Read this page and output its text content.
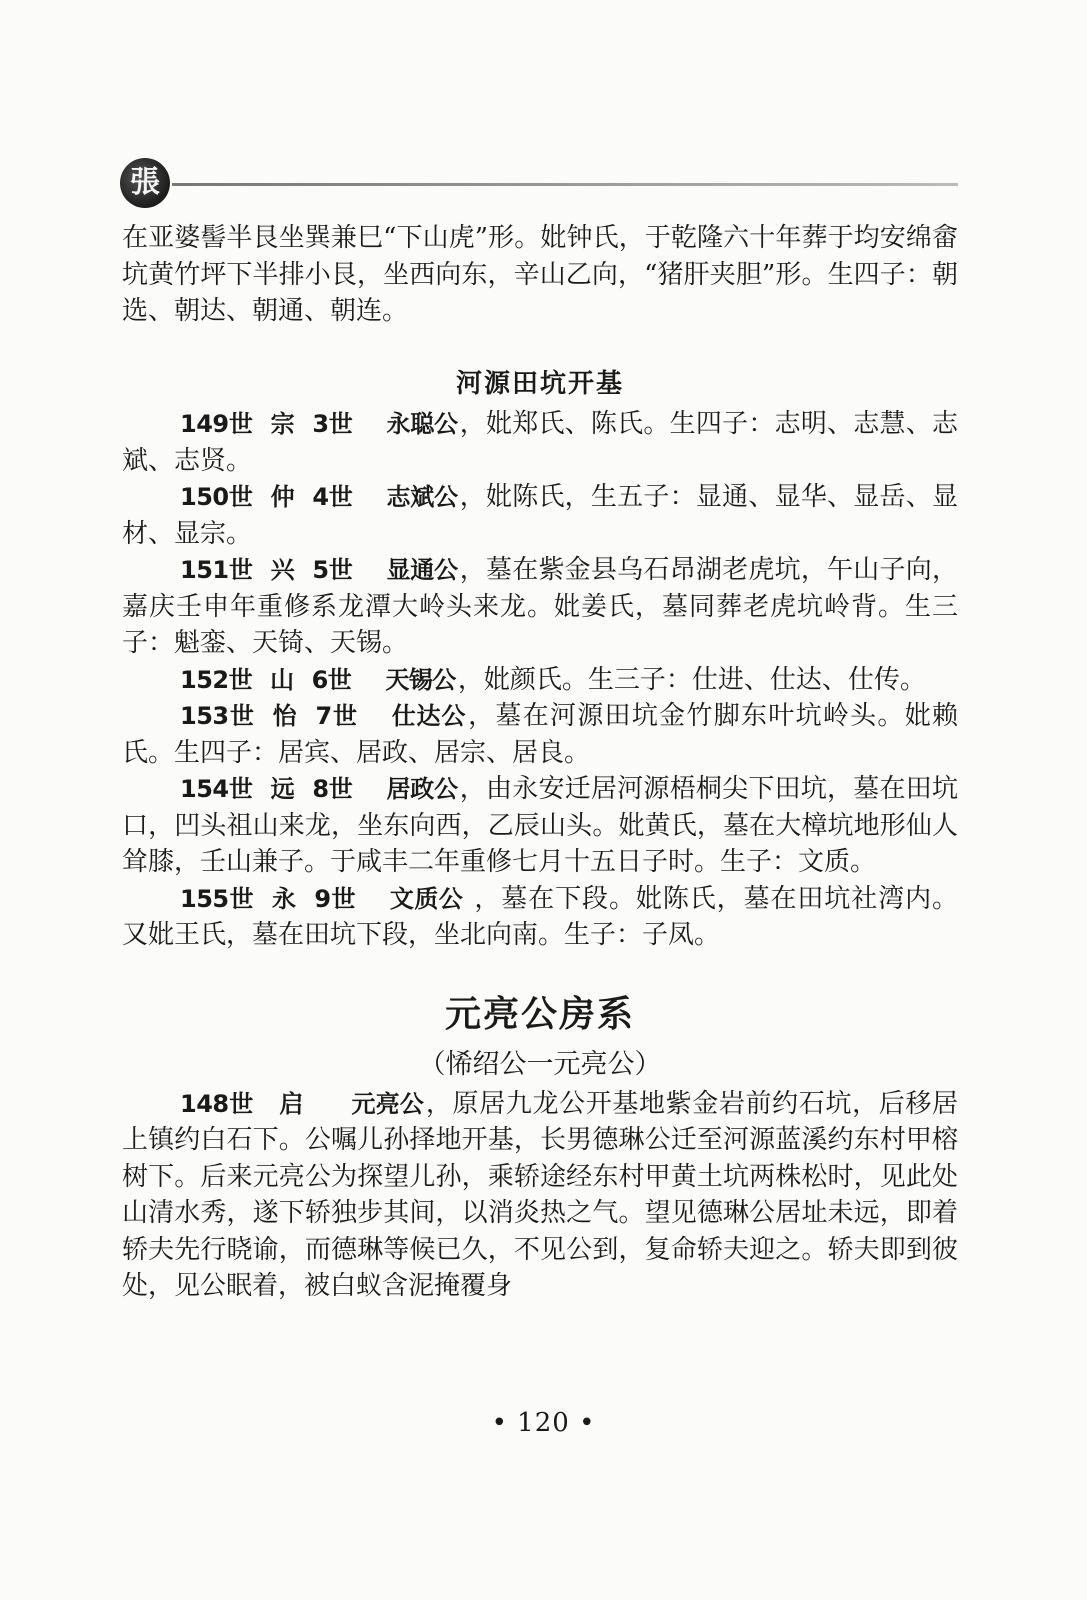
張

在亚婆髻半艮坐巽兼巳“下山虎”形。妣钟氏，于乾隆六十年葬于均安绵畲坑黄竹坪下半排小艮，坐西向东，辛山乙向，“猪肝夹胆”形。生四子：朝选、朝达、朝通、朝连。

河源田坑开基

149世 宗 3世 永聪公，妣郑氏、陈氏。生四子：志明、志慧、志斌、志贤。

150世 仲 4世 志斌公，妣陈氏，生五子：显通、显华、显岳、显材、显宗。

151世 兴 5世 显通公，墓在紫金县乌石昂湖老虎坑，午山子向，嘉庆壬申年重修系龙潭大岭头来龙。妣姜氏，墓同葬老虎坑岭背。生三子：魁銮、天锜、天锡。

152世 山 6世 天锡公，妣颜氏。生三子：仕进、仕达、仕传。

153世 怡 7世 仕达公，墓在河源田坑金竹脚东叶坑岭头。妣赖氏。生四子：居宾、居政、居宗、居良。

154世 远 8世 居政公，由永安迁居河源梧桐尖下田坑，墓在田坑口，凹头祖山来龙，坐东向西，乙辰山头。妣黄氏，墓在大樟坑地形仙人耸膝，壬山兼子。于咸丰二年重修七月十五日子时。生子：文质。

155世 永 9世 文质公 ，墓在下段。妣陈氏，墓在田坑社湾内。又妣王氏，墓在田坑下段，坐北向南。生子：子凤。

元亮公房系

（悕绍公一元亮公）

148世 启 元亮公，原居九龙公开基地紫金岩前约石坑，后移居上镇约白石下。公嘱儿孙择地开基，长男德琳公迁至河源蓝溪约东村甲榕树下。后来元亮公为探望儿孙，乘轿途经东村甲黄土坑两株松时，见此处山清水秀，遂下轿独步其间，以消炎热之气。望见德琳公居址未远，即着轿夫先行晓谕，而德琳等候已久，不见公到，复命轿夫迎之。轿夫即到彼处，见公眠着，被白蚁含泥掩覆身

• 120 •
